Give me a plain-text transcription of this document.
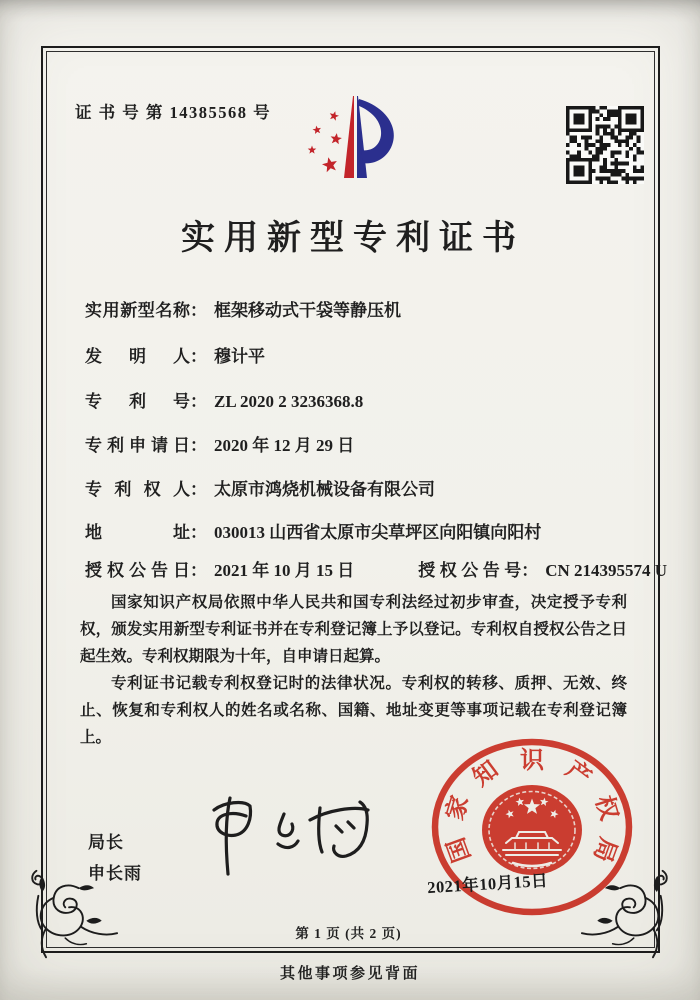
证 书 号 第 14385568 号
实用新型专利证书
实用新型名称： 框架移动式干袋等静压机
发明人： 穆计平
专利号： ZL 2020 2 3236368.8
专利申请日： 2020 年 12 月 29 日
专利权人： 太原市鸿烧机械设备有限公司
地址： 030013 山西省太原市尖草坪区向阳镇向阳村
授权公告日： 2021 年 10 月 15 日	授权公告号： CN 214395574 U

国家知识产权局依照中华人民共和国专利法经过初步审查，决定授予专利权，颁发实用新型专利证书并在专利登记簿上予以登记。专利权自授权公告之日起生效。专利权期限为十年，自申请日起算。

专利证书记载专利权登记时的法律状况。专利权的转移、质押、无效、终止、恢复和专利权人的姓名或名称、国籍、地址变更等事项记载在专利登记簿上。

局长
申长雨
国
家
知 识 产
权
局
2021年10月15日
第 1 页 (共 2 页)
其他事项参见背面
